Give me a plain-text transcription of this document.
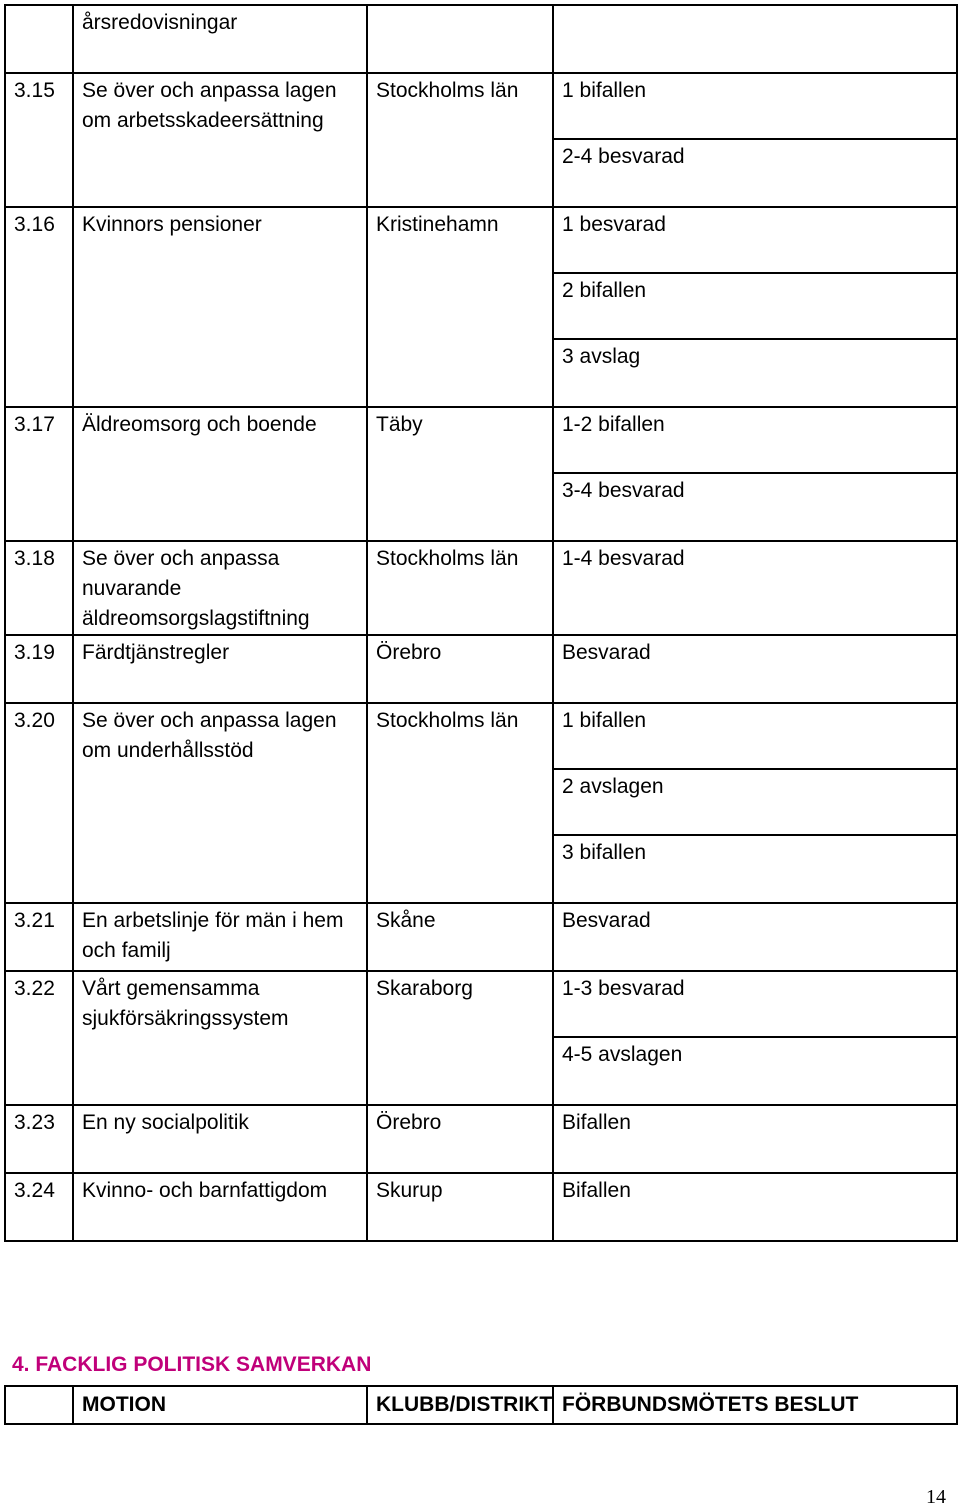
	årsredovisningar		

3.15	Se över och anpassa lagen om arbetsskadeersättning	Stockholms län	1 bifallen
2-4 besvarad

3.16	Kvinnors pensioner	Kristinehamn	1 besvarad
2 bifallen
3 avslag

3.17	Äldreomsorg och boende	Täby	1-2 bifallen
3-4 besvarad

3.18	Se över och anpassa nuvarande äldreomsorgslagstiftning	Stockholms län	1-4 besvarad

3.19	Färdtjänstregler	Örebro	Besvarad

3.20	Se över och anpassa lagen om underhållsstöd	Stockholms län	1 bifallen
2 avslagen
3 bifallen

3.21	En arbetslinje för män i hem och familj	Skåne	Besvarad

3.22	Vårt gemensamma sjukförsäkringssystem	Skaraborg	1-3 besvarad
4-5 avslagen

3.23	En ny socialpolitik	Örebro	Bifallen

3.24	Kvinno- och barnfattigdom	Skurup	Bifallen
4. FACKLIG POLITISK SAMVERKAN
	MOTION	KLUBB/DISTRIKT	FÖRBUNDSMÖTETS BESLUT
14
